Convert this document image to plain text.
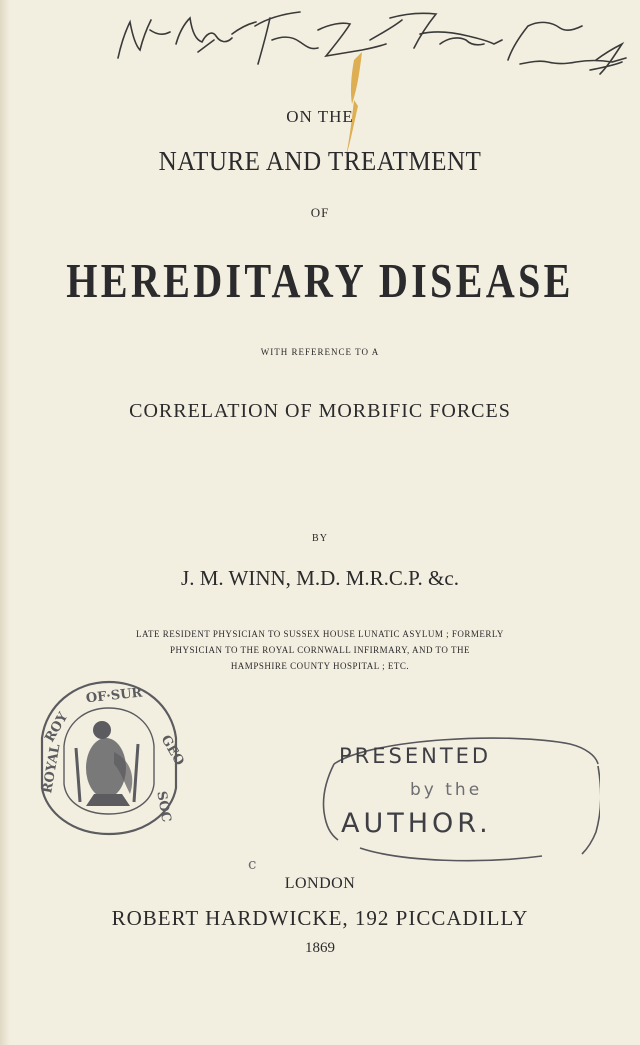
ON THE
NATURE AND TREATMENT
OF
HEREDITARY DISEASE
WITH REFERENCE TO A
CORRELATION OF MORBIFIC FORCES
BY
J. M. WINN, M.D. M.R.C.P. &c.
LATE RESIDENT PHYSICIAN TO SUSSEX HOUSE LUNATIC ASYLUM ; FORMERLY
PHYSICIAN TO THE ROYAL CORNWALL INFIRMARY, AND TO THE
HAMPSHIRE COUNTY HOSPITAL ; ETC.
OF·SUR
ROY
ROYAL	GEO
SOC
PRESENTED
by the
AUTHOR.
c
LONDON
ROBERT HARDWICKE, 192 PICCADILLY
1869
